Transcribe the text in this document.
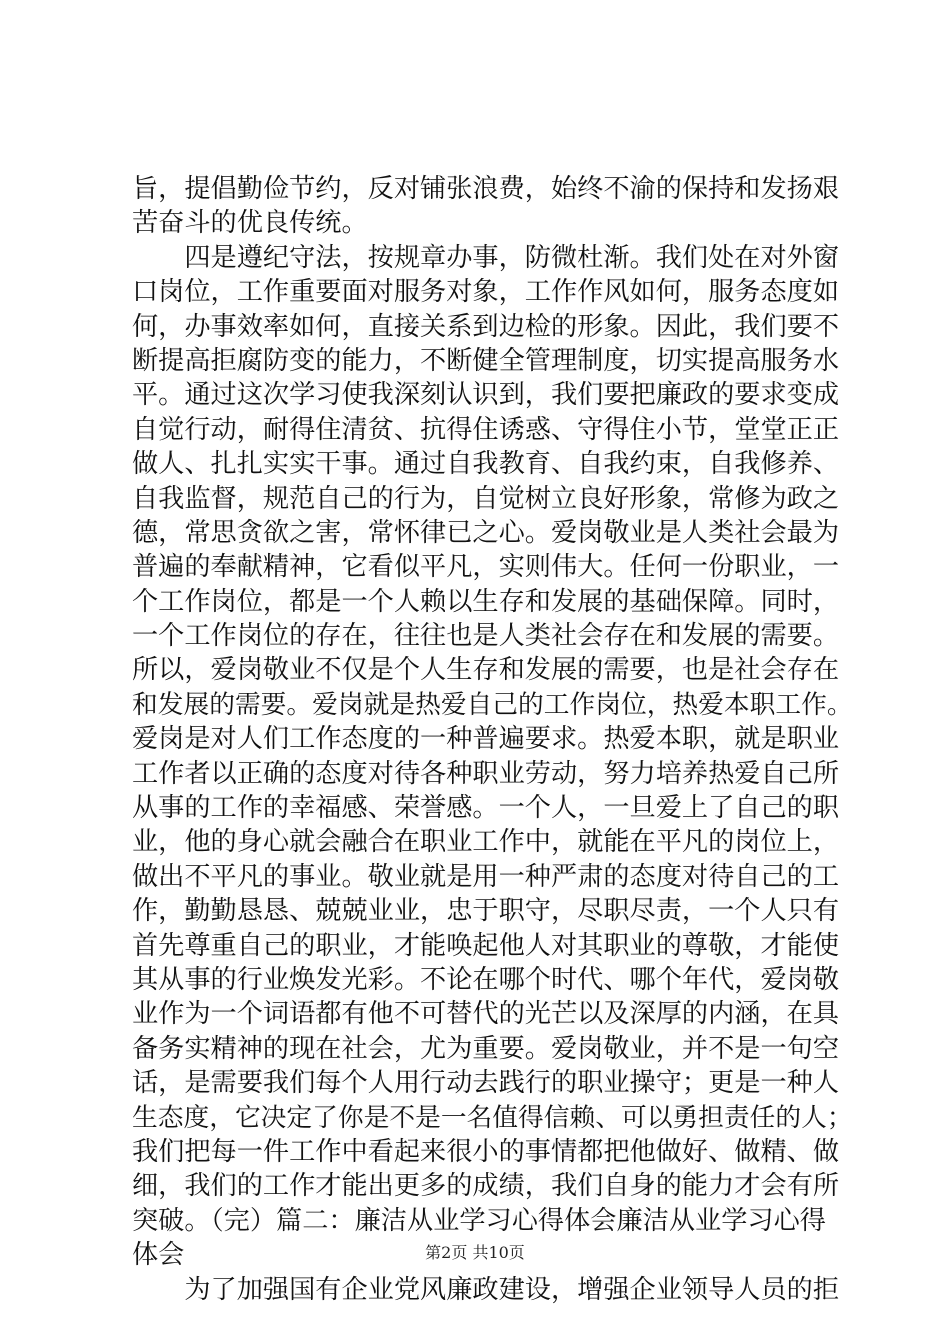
旨，提倡勤俭节约，反对铺张浪费，始终不渝的保持和发扬艰
苦奋斗的优良传统。
　　四是遵纪守法，按规章办事，防微杜渐。我们处在对外窗
口岗位，工作重要面对服务对象，工作作风如何，服务态度如
何，办事效率如何，直接关系到边检的形象。因此，我们要不
断提高拒腐防变的能力，不断健全管理制度，切实提高服务水
平。通过这次学习使我深刻认识到，我们要把廉政的要求变成
自觉行动，耐得住清贫、抗得住诱惑、守得住小节，堂堂正正
做人、扎扎实实干事。通过自我教育、自我约束，自我修养、
自我监督，规范自己的行为，自觉树立良好形象，常修为政之
德，常思贪欲之害，常怀律已之心。爱岗敬业是人类社会最为
普遍的奉献精神，它看似平凡，实则伟大。任何一份职业，一
个工作岗位，都是一个人赖以生存和发展的基础保障。同时，
一个工作岗位的存在，往往也是人类社会存在和发展的需要。
所以，爱岗敬业不仅是个人生存和发展的需要，也是社会存在
和发展的需要。爱岗就是热爱自己的工作岗位，热爱本职工作。
爱岗是对人们工作态度的一种普遍要求。热爱本职，就是职业
工作者以正确的态度对待各种职业劳动，努力培养热爱自己所
从事的工作的幸福感、荣誉感。一个人，一旦爱上了自己的职
业，他的身心就会融合在职业工作中，就能在平凡的岗位上，
做出不平凡的事业。敬业就是用一种严肃的态度对待自己的工
作，勤勤恳恳、兢兢业业，忠于职守，尽职尽责，一个人只有
首先尊重自己的职业，才能唤起他人对其职业的尊敬，才能使
其从事的行业焕发光彩。不论在哪个时代、哪个年代，爱岗敬
业作为一个词语都有他不可替代的光芒以及深厚的内涵，在具
备务实精神的现在社会，尤为重要。爱岗敬业，并不是一句空
话，是需要我们每个人用行动去践行的职业操守；更是一种人
生态度，它决定了你是不是一名值得信赖、可以勇担责任的人；
我们把每一件工作中看起来很小的事情都把他做好、做精、做
细，我们的工作才能出更多的成绩，我们自身的能力才会有所
突破。（完）篇二：廉洁从业学习心得体会廉洁从业学习心得
体会
　　为了加强国有企业党风廉政建设，增强企业领导人员的拒
第2页 共10页
